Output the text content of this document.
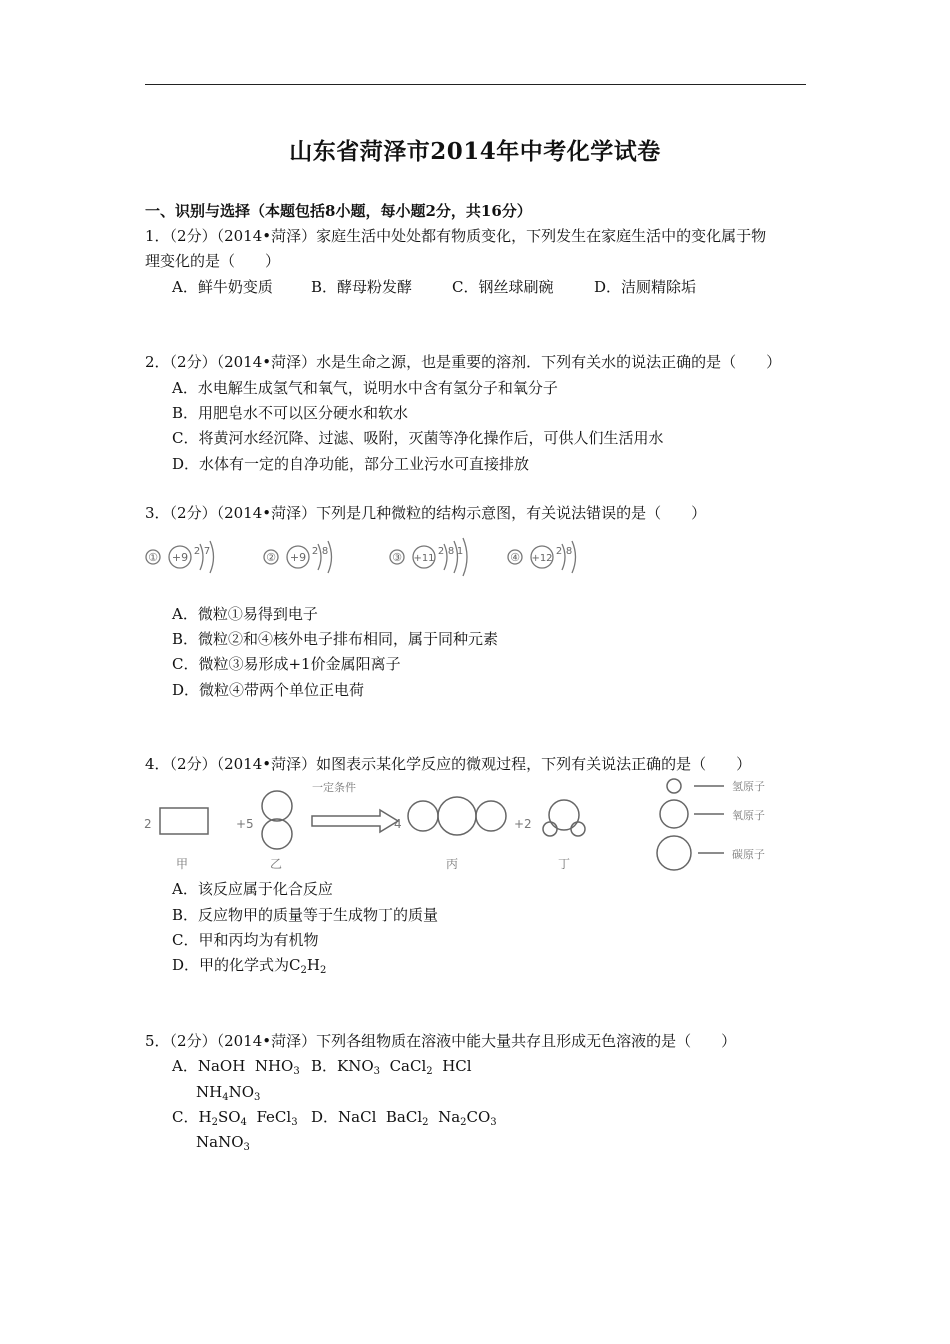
山东省菏泽市2014年中考化学试卷
一、识别与选择（本题包括8小题，每小题2分，共16分）
1．（2分）（2014•菏泽）家庭生活中处处都有物质变化，下列发生在家庭生活中的变化属于物
理变化的是（　　）
A．鲜牛奶变质	B．酵母粉发酵	C．钢丝球刷碗	D．洁厕精除垢
2．（2分）（2014•菏泽）水是生命之源，也是重要的溶剂．下列有关水的说法正确的是（　　）
A．水电解生成氢气和氧气，说明水中含有氢分子和氧分子
B．用肥皂水不可以区分硬水和软水
C．将黄河水经沉降、过滤、吸附，灭菌等净化操作后，可供人们生活用水
D．水体有一定的自净功能，部分工业污水可直接排放
3．（2分）（2014•菏泽）下列是几种微粒的结构示意图，有关说法错误的是（　　）
① +9 2 7	② +9 2 8	③ +11
2 8 1	④ +12
2 8
A．微粒①易得到电子
B．微粒②和④核外电子排布相同，属于同种元素
C．微粒③易形成+1价金属阳离子
D．微粒④带两个单位正电荷
4．（2分）（2014•菏泽）如图表示某化学反应的微观过程，下列有关说法正确的是（　　）
2	+5	4	+2
一定条件
甲	乙	丙	丁
氢原子
氧原子
碳原子
A．该反应属于化合反应
B．反应物甲的质量等于生成物丁的质量
C．甲和丙均为有机物
D．甲的化学式为$C_2H_2$
5．（2分）（2014•菏泽）下列各组物质在溶液中能大量共存且形成无色溶液的是（　　）
A．NaOH  $NHO_3$ B．$KNO_3$  CaCl$_2$  HCl
$NH_4NO_3$
C．$H_2SO_4$  FeCl$_3$ D．NaCl  BaCl$_2$  $Na_2CO_3$
NaNO$_3$
